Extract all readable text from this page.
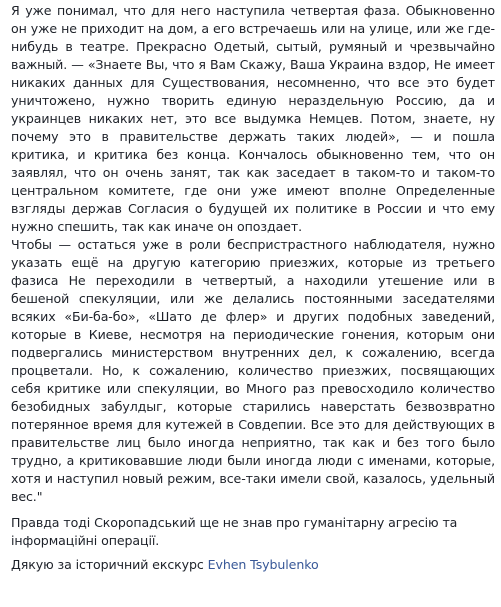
Я уже понимал, что для него наступила четвертая фаза. Обыкновенно он уже не приходит на дом, а его встречаешь или на улице, или же где-нибудь в театре. Прекрасно Одетый, сытый, румяный и чрезвычайно важный. — «Знаете Вы, что я Вам Скажу, Ваша Украина вздор, Не имеет никаких данных для Существования, несомненно, что все это будет уничтожено, нужно творить единую нераздельную Россию, да и украинцев никаких нет, это все выдумка Немцев. Потом, знаете, ну почему это в правительстве держать таких людей», — и пошла критика, и критика без конца. Кончалось обыкновенно тем, что он заявлял, что он очень занят, так как заседает в таком-то и таком-то центральном комитете, где они уже имеют вполне Определенные взгляды держав Согласия о будущей их политике в России и что ему нужно спешить, так как иначе он опоздает.

Чтобы — остаться уже в роли беспристрастного наблюдателя, нужно указать ещё на другую категорию приезжих, которые из третьего фазиса Не переходили в четвертый, а находили утешение или в бешеной спекуляции, или же делались постоянными заседателями всяких «Би-ба-бо», «Шато де флер» и других подобных заведений, которые в Киеве, несмотря на периодические гонения, которым они подвергались министерством внутренних дел, к сожалению, всегда процветали. Но, к сожалению, количество приезжих, посвящающих себя критике или спекуляции, во Много раз превосходило количество безобидных забулдыг, которые старились наверстать безвозвратно потерянное время для кутежей в Совдепии. Все это для действующих в правительстве лиц было иногда неприятно, так как и без того было трудно, а критиковавшие люди были иногда люди с именами, которые, хотя и наступил новый режим, все-таки имели свой, казалось, удельный вес."

Правда тоді Скоропадський ще не знав про гуманітарну агресію та інформаційні операції.

Дякую за історичний екскурс Evhen Tsybulenko
